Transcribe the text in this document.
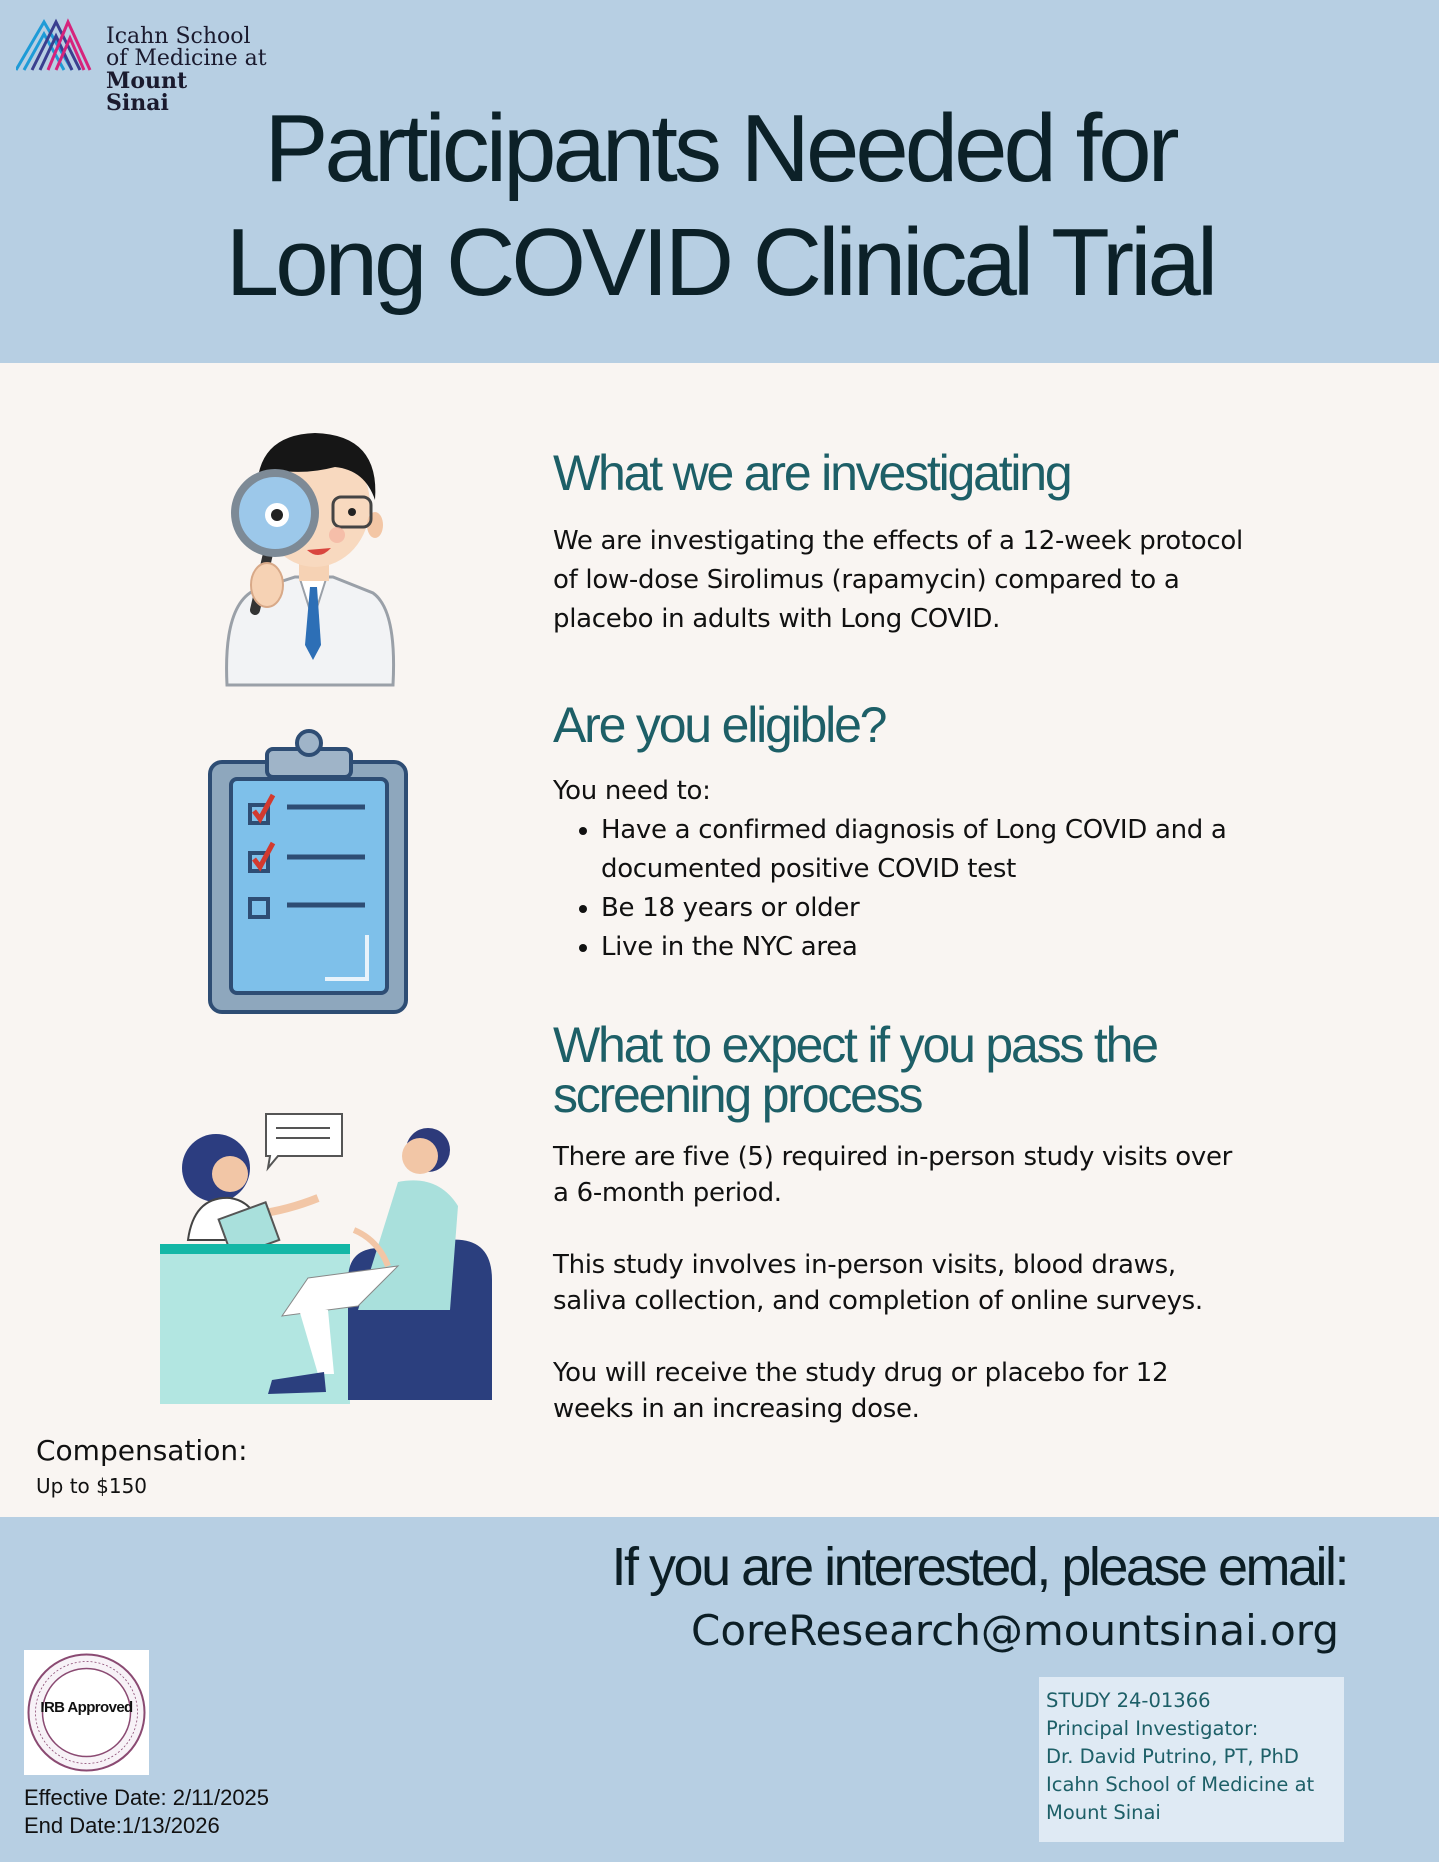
Icahn School
of Medicine at
Mount
Sinai Participants Needed for
Long COVID Clinical Trial
What we are investigating

We are investigating the effects of a 12-week protocol of low-dose Sirolimus (rapamycin) compared to a placebo in adults with Long COVID.

Are you eligible?

You need to:

• Have a confirmed diagnosis of Long COVID and a documented positive COVID test
• Be 18 years or older
• Live in the NYC area
What to expect if you pass the
screening process

There are five (5) required in-person study visits over a 6-month period.

This study involves in-person visits, blood draws, saliva collection, and completion of online surveys.

You will receive the study drug or placebo for 12 weeks in an increasing dose.

Compensation:
Up to $150
If you are interested, please email:
CoreResearch@mountsinai.org
IRB Approved
Effective Date: 2/11/2025
End Date:1/13/2026
STUDY 24-01366
Principal Investigator:
Dr. David Putrino, PT, PhD
Icahn School of Medicine at
Mount Sinai
